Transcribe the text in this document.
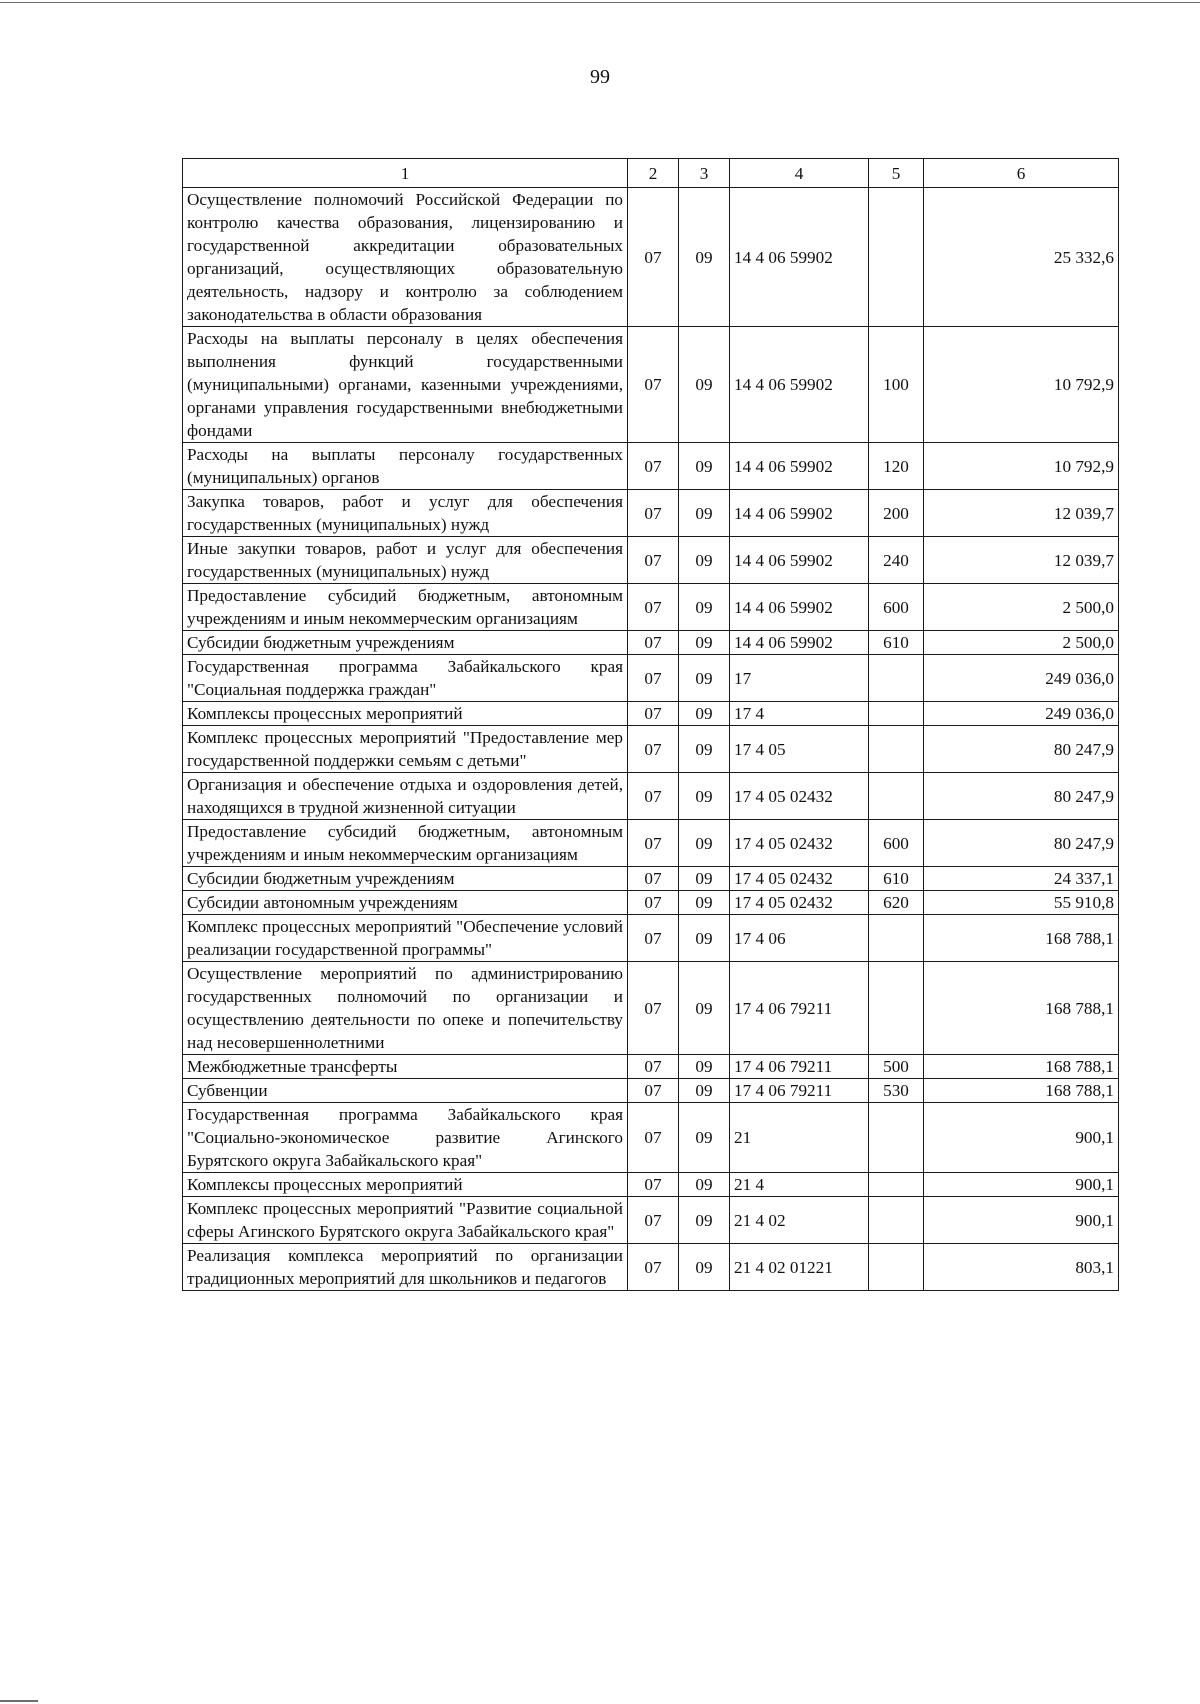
99
1	2	3	4	5	6
Осуществление полномочий Российской Федерации по контролю качества образования, лицензированию и государственной аккредитации образовательных организаций, осуществляющих образовательную деятельность, надзору и контролю за соблюдением законодательства в области образования	07	09	14 4 06 59902		25 332,6
Расходы на выплаты персоналу в целях обеспечения выполнения функций государственными (муниципальными) органами, казенными учреждениями, органами управления государственными внебюджетными фондами	07	09	14 4 06 59902	100	10 792,9
Расходы на выплаты персоналу государственных (муниципальных) органов	07	09	14 4 06 59902	120	10 792,9
Закупка товаров, работ и услуг для обеспечения государственных (муниципальных) нужд	07	09	14 4 06 59902	200	12 039,7
Иные закупки товаров, работ и услуг для обеспечения государственных (муниципальных) нужд	07	09	14 4 06 59902	240	12 039,7
Предоставление субсидий бюджетным, автономным учреждениям и иным некоммерческим организациям	07	09	14 4 06 59902	600	2 500,0
Субсидии бюджетным учреждениям	07	09	14 4 06 59902	610	2 500,0
Государственная программа Забайкальского края "Социальная поддержка граждан"	07	09	17		249 036,0
Комплексы процессных мероприятий	07	09	17 4		249 036,0
Комплекс процессных мероприятий "Предоставление мер государственной поддержки семьям с детьми"	07	09	17 4 05		80 247,9
Организация и обеспечение отдыха и оздоровления детей, находящихся в трудной жизненной ситуации	07	09	17 4 05 02432		80 247,9
Предоставление субсидий бюджетным, автономным учреждениям и иным некоммерческим организациям	07	09	17 4 05 02432	600	80 247,9
Субсидии бюджетным учреждениям	07	09	17 4 05 02432	610	24 337,1
Субсидии автономным учреждениям	07	09	17 4 05 02432	620	55 910,8
Комплекс процессных мероприятий "Обеспечение условий реализации государственной программы"	07	09	17 4 06		168 788,1
Осуществление мероприятий по администрированию государственных полномочий по организации и осуществлению деятельности по опеке и попечительству над несовершеннолетними	07	09	17 4 06 79211		168 788,1
Межбюджетные трансферты	07	09	17 4 06 79211	500	168 788,1
Субвенции	07	09	17 4 06 79211	530	168 788,1
Государственная программа Забайкальского края "Социально-экономическое развитие Агинского Бурятского округа Забайкальского края"	07	09	21		900,1
Комплексы процессных мероприятий	07	09	21 4		900,1
Комплекс процессных мероприятий "Развитие социальной сферы Агинского Бурятского округа Забайкальского края"	07	09	21 4 02		900,1
Реализация комплекса мероприятий по организации традиционных мероприятий для школьников и педагогов	07	09	21 4 02 01221		803,1
